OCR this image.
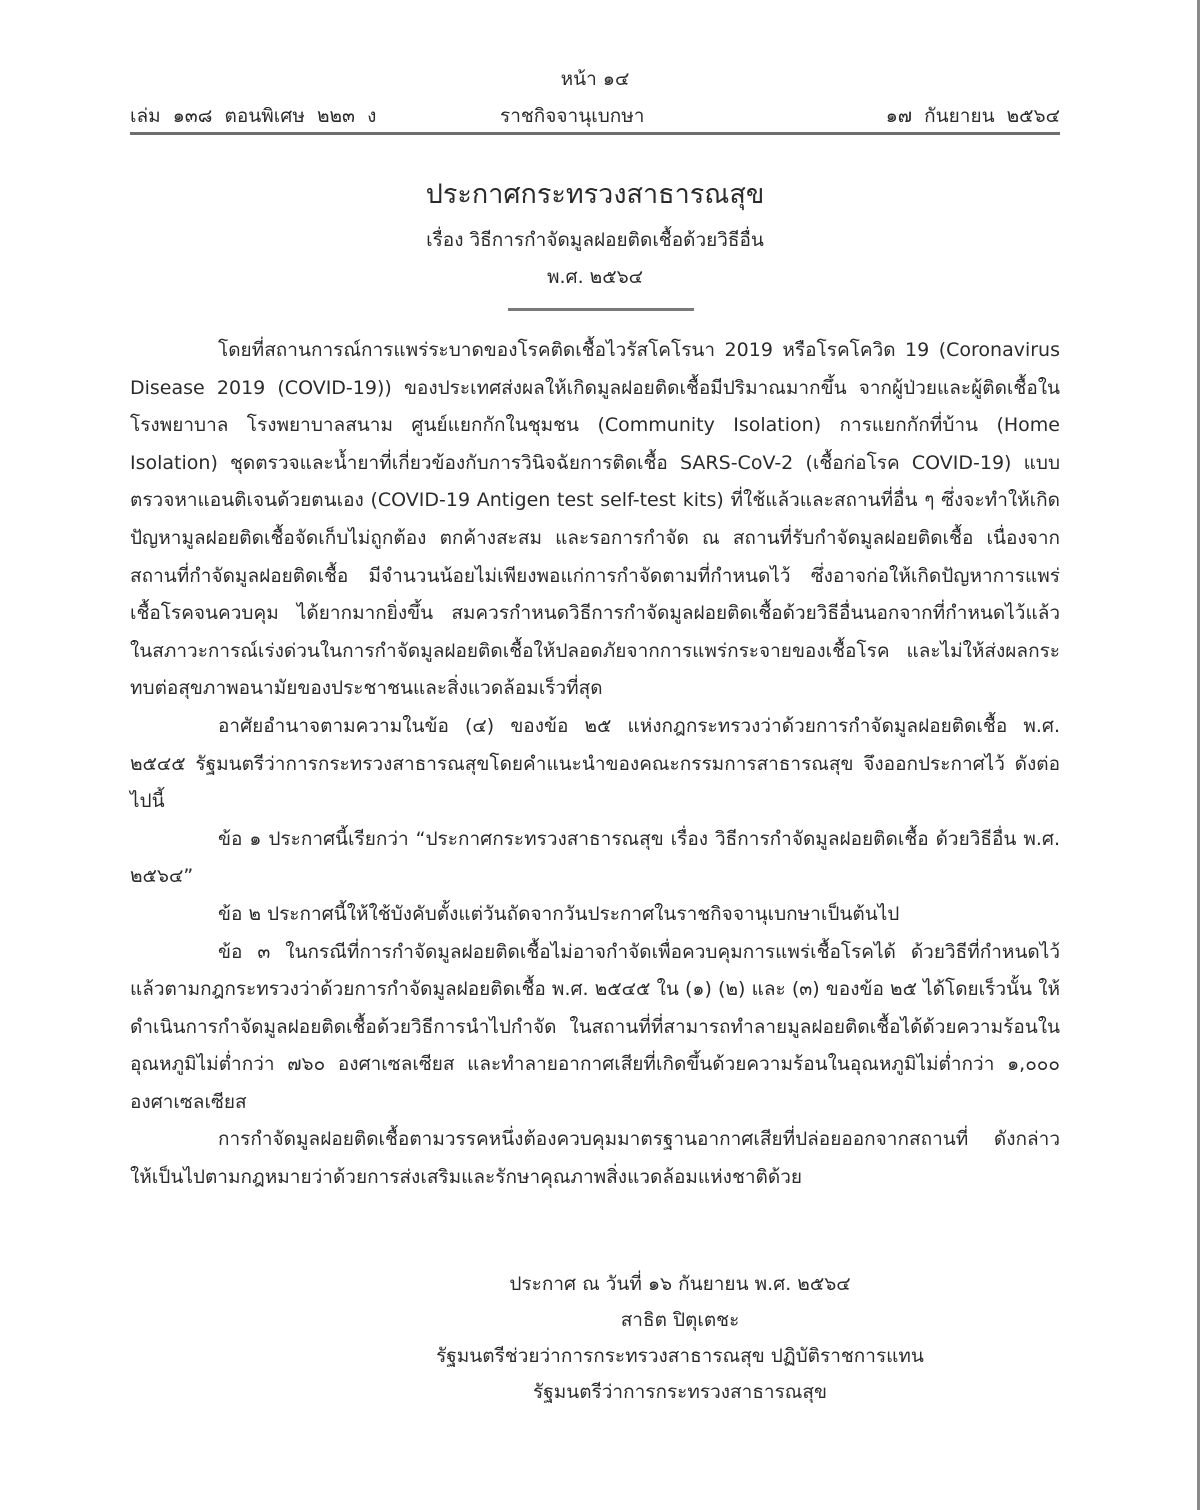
หน้า ๑๔
เล่ม  ๑๓๘  ตอนพิเศษ  ๒๒๓  ง	ราชกิจจานุเบกษา	๑๗  กันยายน  ๒๕๖๔
ประกาศกระทรวงสาธารณสุข
เรื่อง วิธีการกำจัดมูลฝอยติดเชื้อด้วยวิธีอื่น
พ.ศ. ๒๕๖๔

โดยที่สถานการณ์การแพร่ระบาดของโรคติดเชื้อไวรัสโคโรนา 2019 หรือโรคโควิด 19 (Coronavirus Disease 2019 (COVID-19)) ของประเทศส่งผลให้เกิดมูลฝอยติดเชื้อมีปริมาณมากขึ้น จากผู้ป่วยและผู้ติดเชื้อในโรงพยาบาล โรงพยาบาลสนาม ศูนย์แยกกักในชุมชน (Community Isolation) การแยกกักที่บ้าน (Home Isolation) ชุดตรวจและน้ำยาที่เกี่ยวข้องกับการวินิจฉัยการติดเชื้อ SARS-CoV-2 (เชื้อก่อโรค COVID-19) แบบตรวจหาแอนติเจนด้วยตนเอง (COVID-19 Antigen test self-test kits) ที่ใช้แล้วและสถานที่อื่น ๆ ซึ่งจะทำให้เกิดปัญหามูลฝอยติดเชื้อจัดเก็บไม่ถูกต้อง ตกค้างสะสม และรอการกำจัด ณ สถานที่รับกำจัดมูลฝอยติดเชื้อ เนื่องจากสถานที่กำจัดมูลฝอยติดเชื้อ มีจำนวนน้อยไม่เพียงพอแก่การกำจัดตามที่กำหนดไว้ ซึ่งอาจก่อให้เกิดปัญหาการแพร่เชื้อโรคจนควบคุม ได้ยากมากยิ่งขึ้น สมควรกำหนดวิธีการกำจัดมูลฝอยติดเชื้อด้วยวิธีอื่นนอกจากที่กำหนดไว้แล้ว ในสภาวะการณ์เร่งด่วนในการกำจัดมูลฝอยติดเชื้อให้ปลอดภัยจากการแพร่กระจายของเชื้อโรค และไม่ให้ส่งผลกระทบต่อสุขภาพอนามัยของประชาชนและสิ่งแวดล้อมเร็วที่สุด

อาศัยอำนาจตามความในข้อ (๔) ของข้อ ๒๕ แห่งกฎกระทรวงว่าด้วยการกำจัดมูลฝอยติดเชื้อ พ.ศ. ๒๕๔๕ รัฐมนตรีว่าการกระทรวงสาธารณสุขโดยคำแนะนำของคณะกรรมการสาธารณสุข จึงออกประกาศไว้ ดังต่อไปนี้

ข้อ ๑ ประกาศนี้เรียกว่า “ประกาศกระทรวงสาธารณสุข เรื่อง วิธีการกำจัดมูลฝอยติดเชื้อ ด้วยวิธีอื่น พ.ศ. ๒๕๖๔”

ข้อ ๒ ประกาศนี้ให้ใช้บังคับตั้งแต่วันถัดจากวันประกาศในราชกิจจานุเบกษาเป็นต้นไป

ข้อ ๓ ในกรณีที่การกำจัดมูลฝอยติดเชื้อไม่อาจกำจัดเพื่อควบคุมการแพร่เชื้อโรคได้ ด้วยวิธีที่กำหนดไว้แล้วตามกฎกระทรวงว่าด้วยการกำจัดมูลฝอยติดเชื้อ พ.ศ. ๒๕๔๕ ใน (๑) (๒) และ (๓) ของข้อ ๒๕ ได้โดยเร็วนั้น ให้ดำเนินการกำจัดมูลฝอยติดเชื้อด้วยวิธีการนำไปกำจัด ในสถานที่ที่สามารถทำลายมูลฝอยติดเชื้อได้ด้วยความร้อนในอุณหภูมิไม่ต่ำกว่า ๗๖๐ องศาเซลเซียส และทำลายอากาศเสียที่เกิดขึ้นด้วยความร้อนในอุณหภูมิไม่ต่ำกว่า ๑,๐๐๐ องศาเซลเซียส

การกำจัดมูลฝอยติดเชื้อตามวรรคหนึ่งต้องควบคุมมาตรฐานอากาศเสียที่ปล่อยออกจากสถานที่ ดังกล่าว ให้เป็นไปตามกฎหมายว่าด้วยการส่งเสริมและรักษาคุณภาพสิ่งแวดล้อมแห่งชาติด้วย

ประกาศ ณ วันที่ ๑๖ กันยายน พ.ศ. ๒๕๖๔
สาธิต ปิตุเตชะ
รัฐมนตรีช่วยว่าการกระทรวงสาธารณสุข ปฏิบัติราชการแทน
รัฐมนตรีว่าการกระทรวงสาธารณสุข
